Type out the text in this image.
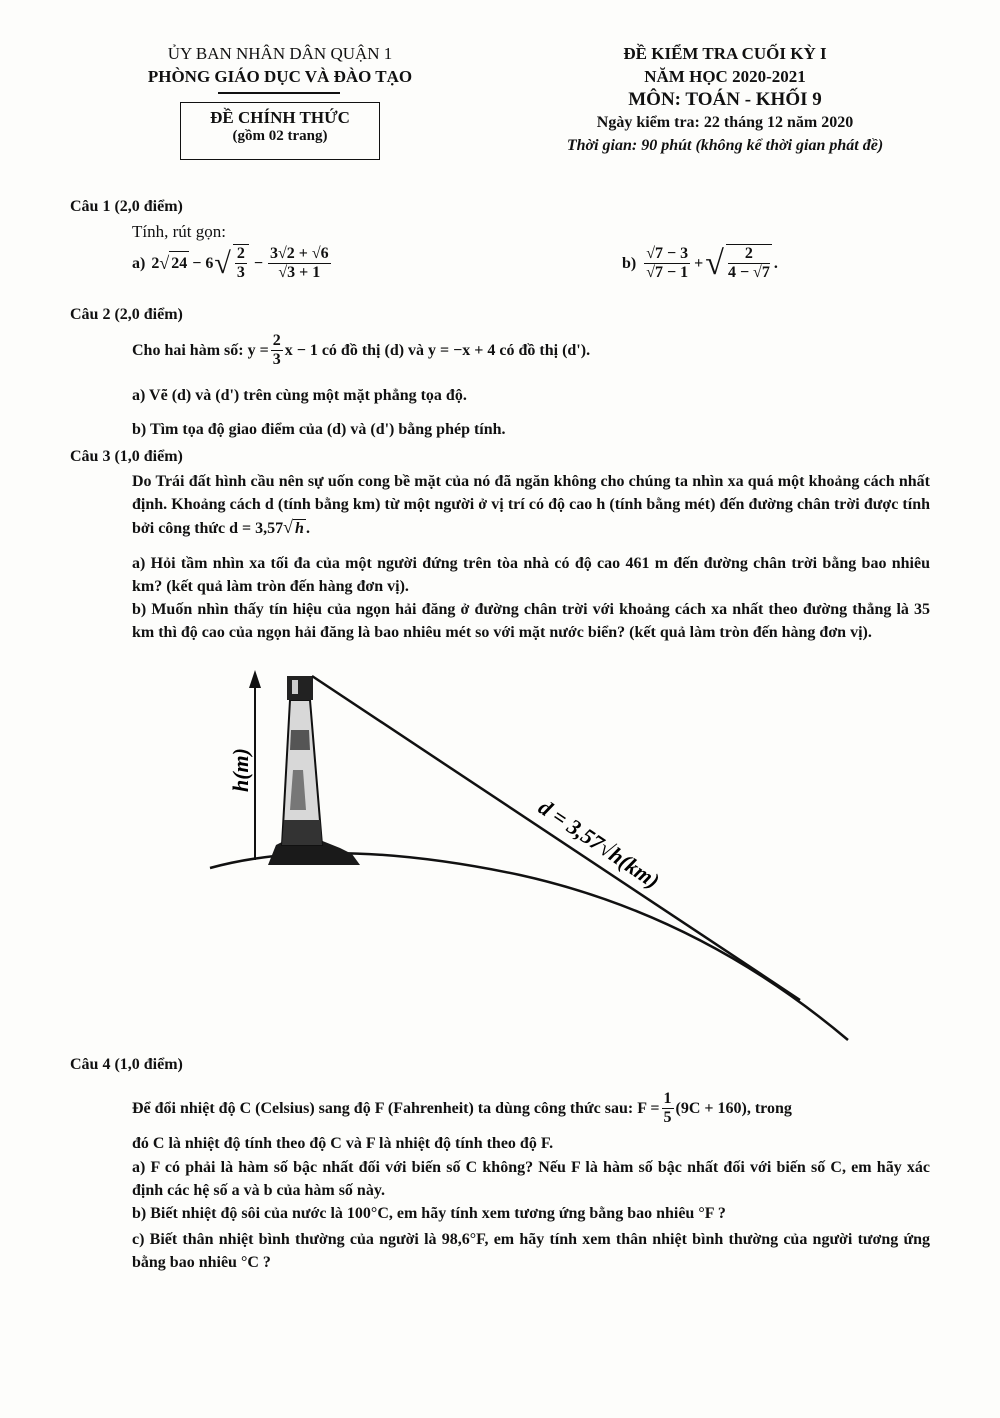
ỦY BAN NHÂN DÂN QUẬN 1
PHÒNG GIÁO DỤC VÀ ĐÀO TẠO
ĐỀ CHÍNH THỨC
(gồm 02 trang)
ĐỀ KIỂM TRA CUỐI KỲ I
NĂM HỌC 2020-2021
MÔN: TOÁN - KHỐI 9
Ngày kiểm tra: 22 tháng 12 năm 2020
Thời gian: 90 phút (không kể thời gian phát đề)
Câu 1 (2,0 điểm)
Tính, rút gọn:
a) 2 √ 24 − 6 √ $\frac{2}{3} - \frac{3√2 + √6}{√3 + 1}$	$b) \frac{√7 - 3}{√7 - 1}$ + √ $\frac{2}{4 - √7}$ .
Câu 2 (2,0 điểm)
Cho hai hàm số: $y = \frac{2}{3}$ x − 1 có đồ thị (d) và y = −x + 4 có đồ thị (d').
a) Vẽ (d) và (d') trên cùng một mặt phẳng tọa độ.
b) Tìm tọa độ giao điểm của (d) và (d') bằng phép tính.
Câu 3 (1,0 điểm)
Do Trái đất hình cầu nên sự uốn cong bề mặt của nó đã ngăn không cho chúng ta nhìn xa quá một khoảng cách nhất định. Khoảng cách d (tính bằng km) từ một người ở vị trí có độ cao h (tính bằng mét) đến đường chân trời được tính bởi công thức d = 3,57√ h .
a) Hỏi tầm nhìn xa tối đa của một người đứng trên tòa nhà có độ cao 461 m đến đường chân trời bằng bao nhiêu km? (kết quả làm tròn đến hàng đơn vị).
b) Muốn nhìn thấy tín hiệu của ngọn hải đăng ở đường chân trời với khoảng cách xa nhất theo đường thẳng là 35 km thì độ cao của ngọn hải đăng là bao nhiêu mét so với mặt nước biển? (kết quả làm tròn đến hàng đơn vị).
h(m)
d = 3,57√h(km)
Câu 4 (1,0 điểm)
Để đổi nhiệt độ C (Celsius) sang độ F (Fahrenheit) ta dùng công thức sau: $F = \frac{1}{5} (9C + 160)$, trong
đó C là nhiệt độ tính theo độ C và F là nhiệt độ tính theo độ F.
a) F có phải là hàm số bậc nhất đối với biến số C không? Nếu F là hàm số bậc nhất đối với biến số C, em hãy xác định các hệ số a và b của hàm số này.
b) Biết nhiệt độ sôi của nước là 100°C, em hãy tính xem tương ứng bằng bao nhiêu °F ?
c) Biết thân nhiệt bình thường của người là 98,6°F, em hãy tính xem thân nhiệt bình thường của người tương ứng bằng bao nhiêu °C ?
